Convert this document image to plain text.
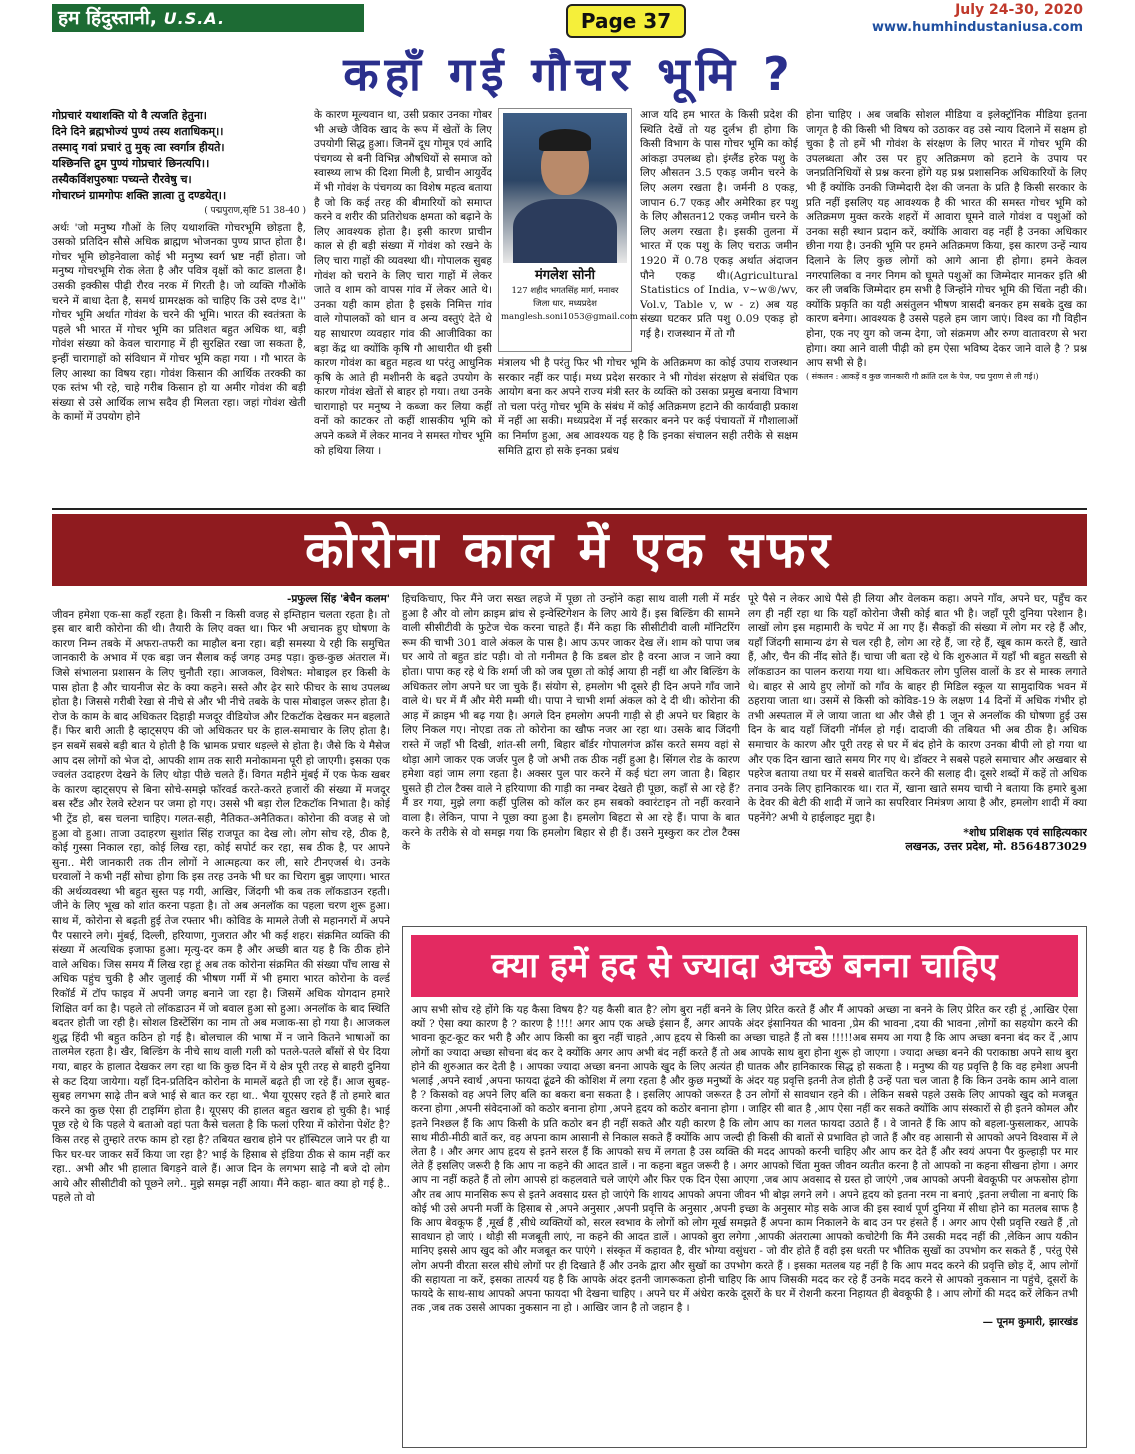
हम हिंदुस्तानी, U.S.A.	Page 37	July 24-30, 2020
www.humhindustaniusa.com
कहाँ गई गौचर भूमि ?
गोप्रचारं यथाशक्ति यो वै त्यजति हेतुना।
दिने दिने ब्रह्मभोज्यं पुण्यं तस्य शताधिकम्।।
तस्माद् गवां प्रचारं तु मुक् त्वा स्वर्गात्र हीयते।
यश्छिनत्ति द्रुम पुण्यं गोप्रचारं छिनत्यपि।।
तस्यैकविंशपुरुषाः पच्यन्ते रौरवेषु च।
गोचारघ्नं ग्रामगोपः शक्ति ज्ञात्वा तु दण्डयेत्।।
( पद्मपुराण,सृष्टि 51 38-40 )

अर्थः 'जो मनुष्य गौओं के लिए यथाशक्ति गोचरभूमि छोड़ता है, उसको प्रतिदिन सौसे अधिक ब्राह्मण भोजनका पुण्य प्राप्त होता है। गोचर भूमि छोड़नेवाला कोई भी मनुष्य स्वर्ग भ्रष्ट नहीं होता। जो मनुष्य गोचरभूमि रोक लेता है और पवित्र वृक्षों को काट डालता है। उसकी इक्कीस पीढ़ी रौरव नरक में गिरती है। जो व्यक्ति गौओंके चरने में बाधा देता है, समर्थ ग्रामरक्षक को चाहिए कि उसे दण्ड दे।'' गोचर भूमि अर्थात गोवंश के चरने की भूमि। भारत की स्वतंत्रता के पहले भी भारत में गोचर भूमि का प्रतिशत बहुत अधिक था, बड़ी गोवंश संख्या को केवल चारागाह में ही सुरक्षित रखा जा सकता है, इन्हीं चारागाहों को संविधान में गोचर भूमि कहा गया । गौ भारत के लिए आस्था का विषय रहा। गोवंश किसान की आर्थिक तरक्की का एक स्तंभ भी रहे, चाहे गरीब किसान हो या अमीर गोवंश की बड़ी संख्या से उसे आर्थिक लाभ सदैव ही मिलता रहा। जहां गोवंश खेती के कामों में उपयोग होने

के कारण मूल्यवान था, उसी प्रकार उनका गोबर भी अच्छे जैविक खाद के रूप में खेतों के लिए उपयोगी सिद्ध हुआ। जिनमें दूध गोमूत्र एवं आदि पंचगव्य से बनी विभिन्न औषधियों से समाज को स्वास्थ्य लाभ की दिशा मिली है, प्राचीन आयुर्वेद में भी गोवंश के पंचगव्य का विशेष महत्व बताया है जो कि कई तरह की बीमारियों को समाप्त करने व शरीर की प्रतिरोधक क्षमता को बढ़ाने के लिए आवश्यक होता है। इसी कारण प्राचीन काल से ही बड़ी संख्या में गोवंश को रखने के लिए चारा गाहों की व्यवस्था थी। गोपालक सुबह गोवंश को चराने के लिए चारा गाहों में लेकर जाते व शाम को वापस गांव में लेकर आते थे। उनका यही काम होता है इसके निमित्त गांव वाले गोपालकों को धान व अन्य वस्तुएं देते थे यह साधारण व्यवहार गांव की आजीविका का बड़ा केंद्र था क्योंकि कृषि गौ आधारीत थी इसी कारण गोवंश का बहुत महत्व था परंतु आधुनिक कृषि के आते ही मशीनरी के बढ़ते उपयोग के कारण गोवंश खेतों से बाहर हो गया। तथा उनके चारागाहो पर मनुष्य ने कब्जा कर लिया कहीं वनों को काटकर तो कहीं शासकीय भूमि को अपने कब्जे में लेकर मानव ने समस्त गोचर भूमि को हथिया लिया ।

मंगलेश सोनी
127 शहीद भगतसिंह मार्ग, मनावर
जिला धार, मध्यप्रदेश
manglesh.soni1053@gmail.com

मंत्रालय भी है परंतु फिर भी गोचर भूमि के अतिक्रमण का कोई उपाय राजस्थान सरकार नहीं कर पाई। मध्य प्रदेश सरकार ने भी गोवंश संरक्षण से संबंधित एक आयोग बना कर अपने राज्य मंत्री स्तर के व्यक्ति को उसका प्रमुख बनाया विभाग तो चला परंतु गोचर भूमि के संबंध में कोई अतिक्रमण हटाने की कार्यवाही प्रकाश में नहीं आ सकी। मध्यप्रदेश में नई सरकार बनने पर कई पंचायतों में गौशालाओं का निर्माण हुआ, अब आवश्यक यह है कि इनका संचालन सही तरीके से सक्षम समिति द्वारा हो सके इनका प्रबंध

आज यदि हम भारत के किसी प्रदेश की स्थिति देखें तो यह दुर्लभ ही होगा कि किसी विभाग के पास गोचर भूमि का कोई आंकड़ा उपलब्ध हो। इंग्लैंड हरेक पशु के लिए औसतन 3.5 एकड़ जमीन चरने के लिए अलग रखता है। जर्मनी 8 एकड़, जापान 6.7 एकड़ और अमेरिका हर पशु के लिए औसतन12 एकड़ जमीन चरने के लिए अलग रखता है। इसकी तुलना में भारत में एक पशु के लिए चराऊ जमीन 1920 में 0.78 एकड़ अर्थात अंदाजन पौने एकड़ थी।(Agricultural Statistics of India, v~w®/wv, Vol.v, Table v, w - z) अब यह संख्या घटकर प्रति पशु 0.09 एकड़ हो गई है। राजस्थान में तो गौ

होना चाहिए । अब जबकि सोशल मीडिया व इलेक्ट्रॉनिक मीडिया इतना जागृत है की किसी भी विषय को उठाकर वह उसे न्याय दिलाने में सक्षम हो चुका है तो हमें भी गोवंश के संरक्षण के लिए भारत में गोचर भूमि की उपलब्धता और उस पर हुए अतिक्रमण को हटाने के उपाय पर जनप्रतिनिधियों से प्रश्न करना होंगे यह प्रश्न प्रशासनिक अधिकारियों के लिए भी हैं क्योंकि उनकी जिम्मेदारी देश की जनता के प्रति है किसी सरकार के प्रति नहीं इसलिए यह आवश्यक है की भारत की समस्त गोचर भूमि को अतिक्रमण मुक्त करके शहरों में आवारा घूमने वाले गोवंश व पशुओं को उनका सही स्थान प्रदान करें, क्योंकि आवारा वह नहीं है उनका अधिकार छीना गया है। उनकी भूमि पर हमने अतिक्रमण किया, इस कारण उन्हें न्याय दिलाने के लिए कुछ लोगों को आगे आना ही होगा। हमने केवल नगरपालिका व नगर निगम को घूमते पशुओं का जिम्मेदार मानकर इति श्री कर ली जबकि जिम्मेदार हम सभी है जिन्होंने गोचर भूमि की चिंता नही की। क्योंकि प्रकृति का यही असंतुलन भीषण त्रासदी बनकर हम सबके दुख का कारण बनेगा। आवश्यक है उससे पहले हम जाग जाएं। विश्व का गौ विहीन होना, एक नए युग को जन्म देगा, जो संक्रमण और रुग्ण वातावरण से भरा होगा। क्या आने वाली पीढ़ी को हम ऐसा भविष्य देकर जाने वाले है ? प्रश्न आप सभी से है।

( संकलन : आकड़ें व कुछ जानकारी गौ क्रांति दल के पेज, पद्म पुराण से ली गई।)

कोरोना काल में एक सफर
-प्रफुल्ल सिंह 'बेचैन कलम'

जीवन हमेशा एक-सा कहाँ रहता है। किसी न किसी वजह से इम्तिहान चलता रहता है। तो इस बार बारी कोरोना की थी। तैयारी के लिए वक्त था। फिर भी अचानक हुए घोषणा के कारण निम्न तबके में अफरा-तफरी का माहौल बना रहा। बड़ी समस्या ये रही कि समुचित जानकारी के अभाव में एक बड़ा जन सैलाब कई जगह उमड़ पड़ा। कुछ-कुछ अंतराल में। जिसे संभालना प्रशासन के लिए चुनौती रहा। आजकल, विशेषत: मोबाइल हर किसी के पास होता है और चायनीज सेट के क्या कहने। सस्ते और ढ़ेर सारे फीचर के साथ उपलब्ध होता है। जिससे गरीबी रेखा से नीचे से और भी नीचे तबके के पास मोबाइल जरूर होता है। रोज के काम के बाद अधिकतर दिहाड़ी मजदूर वीडियोज और टिकटॉक देखकर मन बहलाते हैं। फिर बारी आती है व्हाट्सएप की जो अधिकतर घर के हाल-समाचार के लिए होता है। इन सबमें सबसे बड़ी बात ये होती है कि भ्रामक प्रचार धड़ल्ले से होता है। जैसे कि ये मैसेज आप दस लोगों को भेज दो, आपकी शाम तक सारी मनोकामना पूरी हो जाएगी। इसका एक ज्वलंत उदाहरण देखने के लिए थोड़ा पीछे चलते हैं। विगत महीने मुंबई में एक फेक खबर के कारण व्हाट्सएप से बिना सोचे-समझे फॉरवर्ड करते-करते हजारों की संख्या में मजदूर बस स्टैंड और रेलवे स्टेशन पर जमा हो गए। उससे भी बड़ा रोल टिकटॉक निभाता है। कोई भी ट्रेंड हो, बस चलना चाहिए। गलत-सही, नैतिकत-अनैतिकत। कोरोना की वजह से जो हुआ वो हुआ। ताजा उदाहरण सुशांत सिंह राजपूत का देख लो। लोग सोच रहे, ठीक है, कोई गुस्सा निकाल रहा, कोई लिख रहा, कोई सपोर्ट कर रहा, सब ठीक है, पर आपने सुना.. मेरी जानकारी तक तीन लोगों ने आत्महत्या कर ली, सारे टीनएजर्स थे। उनके घरवालों ने कभी नहीं सोचा होगा कि इस तरह उनके भी घर का चिराग बुझ जाएगा। भारत की अर्थव्यवस्था भी बहुत सुस्त पड़ गयी, आखिर, जिंदगी भी कब तक लॉकडाउन रहती। जीने के लिए भूख को शांत करना पड़ता है। तो अब अनलॉक का पहला चरण शुरू हुआ। साथ में, कोरोना से बढ़ती हुई तेज रफ्तार भी। कोविड के मामले तेजी से महानगरों में अपने पैर पसारने लगे। मुंबई, दिल्ली, हरियाणा, गुजरात और भी कई शहर। संक्रमित व्यक्ति की संख्या में अत्यधिक इजाफा हुआ। मृत्यु-दर कम है और अच्छी बात यह है कि ठीक होने वाले अधिक। जिस समय मैं लिख रहा हूं अब तक कोरोना संक्रमित की संख्या पाँच लाख से अधिक पहुंच चुकी है और जुलाई की भीषण गर्मी में भी हमारा भारत कोरोना के वर्ल्ड रिकॉर्ड में टॉप फाइव में अपनी जगह बनाने जा रहा है। जिसमें अधिक योगदान हमारे शिक्षित वर्ग का है। पहले तो लॉकडाउन में जो बवाल हुआ सो हुआ। अनलॉक के बाद स्थिति बदतर होती जा रही है। सोशल डिस्टेंसिंग का नाम तो अब मजाक-सा हो गया है। आजकल शुद्ध हिंदी भी बहुत कठिन हो गई है। बोलचाल की भाषा में न जाने कितने भाषाओं का तालमेल रहता है। खैर, बिल्डिंग के नीचे साथ वाली गली को पतले-पतले बाँसों से घेर दिया गया, बाहर के हालात देखकर लग रहा था कि कुछ दिन में ये क्षेत्र पूरी तरह से बाहरी दुनिया से कट दिया जायेगा। यहाँ दिन-प्रतिदिन कोरोना के मामलें बढ़ते ही जा रहे हैं। आज सुबह-सुबह लगभग साढ़े तीन बजे भाई से बात कर रहा था.. भैया यूएसए रहते हैं तो हमारे बात करने का कुछ ऐसा ही टाइमिंग होता है। यूएसए की हालत बहुत खराब हो चुकी है। भाई पूछ रहे थे कि पहले ये बताओ वहां पता कैसे चलता है कि फलां एरिया में कोरोना पेशेंट है? किस तरह से तुम्हारे तरफ काम हो रहा है? तबियत खराब होने पर हॉस्पिटल जाने पर ही या फिर घर-घर जाकर सर्वे किया जा रहा है? भाई के हिसाब से इंडिया ठीक से काम नहीं कर रहा.. अभी और भी हालात बिगड़ने वाले हैं। आज दिन के लगभग साढ़े नौ बजे दो लोग आये और सीसीटीवी को पूछने लगे.. मुझे समझ नहीं आया। मैंने कहा- बात क्या हो गई है.. पहले तो वो

हिचकिचाए, फिर मैंने जरा सख्त लहजे में पूछा तो उन्होंने कहा साथ वाली गली में मर्डर हुआ है और वो लोग क्राइम ब्रांच से इन्वेस्टिगेशन के लिए आये हैं। इस बिल्डिंग की सामने वाली सीसीटीवी के फुटेज चेक करना चाहते हैं। मैंने कहा कि सीसीटीवी वाली मॉनिटरिंग रूम की चाभी 301 वाले अंकल के पास है। आप ऊपर जाकर देख लें। शाम को पापा जब घर आये तो बहुत डांट पड़ी। वो तो गनीमत है कि डबल डोर है वरना आज न जाने क्या होता। पापा कह रहे थे कि शर्मा जी को जब पूछा तो कोई आया ही नहीं था और बिल्डिंग के अधिकतर लोग अपने घर जा चुके हैं। संयोग से, हमलोग भी दूसरे ही दिन अपने गाँव जाने वाले थे। घर में मैं और मेरी मम्मी थी। पापा ने चाभी शर्मा अंकल को दे दी थी। कोरोना की आड़ में क्राइम भी बढ़ गया है। अगले दिन हमलोग अपनी गाड़ी से ही अपने घर बिहार के लिए निकल गए। नोएडा तक तो कोरोना का खौफ नजर आ रहा था। उसके बाद जिंदगी रास्ते में जहाँ भी दिखी, शांत-सी लगी, बिहार बॉर्डर गोपालगंज क्रॉस करते समय वहां से थोड़ा आगे जाकर एक जर्जर पुल है जो अभी तक ठीक नहीं हुआ है। सिंगल रोड के कारण हमेशा वहां जाम लगा रहता है। अक्सर पुल पार करने में कई घंटा लग जाता है। बिहार घुसते ही टोल टैक्स वाले ने हरियाणा की गाड़ी का नम्बर देखते ही पूछा, कहाँ से आ रहे हैं? मैं डर गया, मुझे लगा कहीं पुलिस को कॉल कर हम सबको क्वारंटाइन तो नहीं करवाने वाला है। लेकिन, पापा ने पूछा क्या हुआ है। हमलोग बिहटा से आ रहे हैं। पापा के बात करने के तरीके से वो समझ गया कि हमलोग बिहार से ही हैं। उसने मुस्कुरा कर टोल टैक्स के

पूरे पैसे न लेकर आधे पैसे ही लिया और वेलकम कहा। अपने गाँव, अपने घर, पहुँच कर लग ही नहीं रहा था कि यहाँ कोरोना जैसी कोई बात भी है। जहाँ पूरी दुनिया परेशान है। लाखों लोग इस महामारी के चपेट में आ गए हैं। सैकड़ों की संख्या में लोग मर रहे हैं और, यहाँ जिंदगी सामान्य ढंग से चल रही है, लोग आ रहे हैं, जा रहे हैं, खूब काम करते हैं, खाते हैं, और, चैन की नींद सोते हैं। चाचा जी बता रहे थे कि शुरुआत में यहाँ भी बहुत सख्ती से लॉकडाउन का पालन कराया गया था। अधिकतर लोग पुलिस वालों के डर से मास्क लगाते थे। बाहर से आये हुए लोगों को गाँव के बाहर ही मिडिल स्कूल या सामुदायिक भवन में ठहराया जाता था। उसमें से किसी को कोविड-19 के लक्षण 14 दिनों में अधिक गंभीर हो तभी अस्पताल में ले जाया जाता था और जैसे ही 1 जून से अनलॉक की घोषणा हुई उस दिन के बाद यहाँ जिंदगी नॉर्मल हो गई। दादाजी की तबियत भी अब ठीक है। अधिक समाचार के कारण और पूरी तरह से घर में बंद होने के कारण उनका बीपी लो हो गया था और एक दिन खाना खाते समय गिर गए थे। डॉक्टर ने सबसे पहले समाचार और अखबार से पहरेज बताया तथा घर में सबसे बातचित करने की सलाह दी। दूसरे शब्दों में कहें तो अधिक तनाव उनके लिए हानिकारक था। रात में, खाना खाते समय चाची ने बताया कि हमारे बुआ के देवर की बेटी की शादी में जाने का सपरिवार निमंत्रण आया है और, हमलोग शादी में क्या पहनेंगे? अभी ये हाईलाइट मुद्दा है।

*शोध प्रशिक्षक एवं साहित्यकार
लखनऊ, उत्तर प्रदेश, मो. 8564873029
क्या हमें हद से ज्यादा अच्छे बनना चाहिए

आप सभी सोच रहे होंगे कि यह कैसा विषय है? यह कैसी बात है? लोग बुरा नहीं बनने के लिए प्रेरित करते हैं और मैं आपको अच्छा ना बनने के लिए प्रेरित कर रही हूं ,आखिर ऐसा क्यों ? ऐसा क्या कारण है ? कारण है !!!! अगर आप एक अच्छे इंसान हैं, अगर आपके अंदर इंसानियत की भावना ,प्रेम की भावना ,दया की भावना ,लोगों का सहयोग करने की भावना कूट-कूट कर भरी है और आप किसी का बुरा नहीं चाहते ,आप हृदय से किसी का अच्छा चाहते हैं तो बस !!!!!अब समय आ गया है कि आप अच्छा बनना बंद कर दें ,आप लोगों का ज्यादा अच्छा सोचना बंद कर दे क्योंकि अगर आप अभी बंद नहीं करते हैं तो अब आपके साथ बुरा होना शुरू हो जाएगा । ज्यादा अच्छा बनने की पराकाष्ठा अपने साथ बुरा होने की शुरुआत कर देती है । आपका ज्यादा अच्छा बनना आपके खुद के लिए अत्यंत ही घातक और हानिकारक सिद्ध हो सकता है । मनुष्य की यह प्रवृत्ति है कि वह हमेशा अपनी भलाई ,अपने स्वार्थ ,अपना फायदा ढूंढने की कोशिश में लगा रहता है और कुछ मनुष्यों के अंदर यह प्रवृत्ति इतनी तेज होती है उन्हें पता चल जाता है कि किन उनके काम आने वाला है ? किसको वह अपने लिए बलि का बकरा बना सकता है । इसलिए आपको जरूरत है उन लोगों से सावधान रहने की । लेकिन सबसे पहले उसके लिए आपको खुद को मजबूत करना होगा ,अपनी संवेदनाओं को कठोर बनाना होगा ,अपने हृदय को कठोर बनाना होगा । जाहिर सी बात है ,आप ऐसा नहीं कर सकते क्योंकि आप संस्कारों से ही इतने कोमल और इतने निश्छल हैं कि आप किसी के प्रति कठोर बन ही नहीं सकते और यही कारण है कि लोग आप का गलत फायदा उठाते हैं । वे जानते हैं कि आप को बहला-फुसलाकर, आपके साथ मीठी-मीठी बातें कर, वह अपना काम आसानी से निकाल सकते हैं क्योंकि आप जल्दी ही किसी की बातों से प्रभावित हो जाते हैं और वह आसानी से आपको अपने विश्वास में ले लेता है । और अगर आप हृदय से इतने सरल हैं कि आपको सच में लगता है उस व्यक्ति की मदद आपको करनी चाहिए और आप कर देते हैं और स्वयं अपना पैर कुल्हाड़ी पर मार लेते हैं इसलिए जरूरी है कि आप ना कहने की आदत डालें । ना कहना बहुत जरूरी है । अगर आपको चिंता मुक्त जीवन व्यतीत करना है तो आपको ना कहना सीखना होगा । अगर आप ना नहीं कहते हैं तो लोग आपसे हां कहलवाते चले जाएंगे और फिर एक दिन ऐसा आएगा ,जब आप अवसाद से ग्रस्त हो जाएंगे ,जब आपको अपनी बेवकूफी पर अफसोस होगा और तब आप मानसिक रूप से इतने अवसाद ग्रस्त हो जाएंगे कि शायद आपको अपना जीवन भी बोझ लगने लगे । अपने हृदय को इतना नरम ना बनाएं ,इतना लचीला ना बनाएं कि कोई भी उसे अपनी मर्जी के हिसाब से ,अपने अनुसार ,अपनी प्रवृत्ति के अनुसार ,अपनी इच्छा के अनुसार मोड़ सके आज की इस स्वार्थ पूर्ण दुनिया में सीधा होने का मतलब साफ है कि आप बेवकूफ हैं ,मूर्ख हैं ,सीधे व्यक्तियों को, सरल स्वभाव के लोगों को लोग मूर्ख समझते हैं अपना काम निकालने के बाद उन पर हंसते हैं । अगर आप ऐसी प्रवृत्ति रखते हैं ,तो सावधान हो जाएं । थोड़ी सी मजबूती लाएं, ना कहने की आदत डालें । आपको बुरा लगेगा ,आपकी अंतरात्मा आपको कचोटेगी कि मैंने उसकी मदद नहीं की ,लेकिन आप यकीन मानिए इससे आप खुद को और मजबूत कर पाएंगे । संस्कृत में कहावत है, वीर भोग्या वसुंधरा - जो वीर होते हैं वही इस धरती पर भौतिक सुखों का उपभोग कर सकते हैं , परंतु ऐसे लोग अपनी वीरता सरल सीधे लोगों पर ही दिखाते हैं और उनके द्वारा और सुखों का उपभोग करते हैं । इसका मतलब यह नहीं है कि आप मदद करने की प्रवृत्ति छोड़ दें, आप लोगों की सहायता ना करें, इसका तात्पर्य यह है कि आपके अंदर इतनी जागरूकता होनी चाहिए कि आप जिसकी मदद कर रहे हैं उनके मदद करने से आपको नुकसान ना पहुंचे, दूसरों के फायदे के साथ-साथ आपको अपना फायदा भी देखना चाहिए । अपने घर में अंधेरा करके दूसरों के घर में रोशनी करना निहायत ही बेवकूफी है । आप लोगों की मदद करें लेकिन तभी तक ,जब तक उससे आपका नुकसान ना हो । आखिर जान है तो जहान है ।

— पूनम कुमारी, झारखंड
